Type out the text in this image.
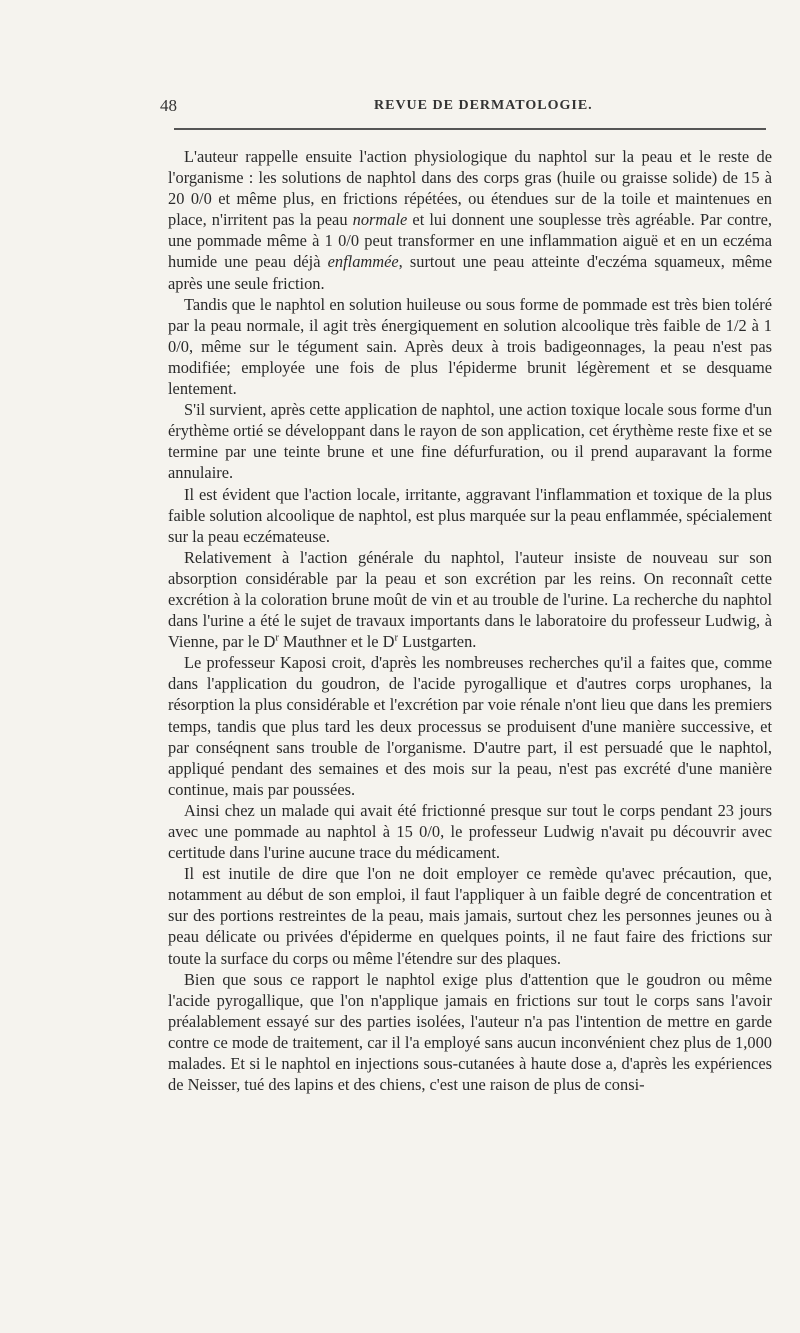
48	REVUE DE DERMATOLOGIE.

L'auteur rappelle ensuite l'action physiologique du naphtol sur la peau et le reste de l'organisme : les solutions de naphtol dans des corps gras (huile ou graisse solide) de 15 à 20 0/0 et même plus, en frictions répétées, ou étendues sur de la toile et maintenues en place, n'irritent pas la peau normale et lui donnent une souplesse très agréable. Par contre, une pommade même à 1 0/0 peut transformer en une inflammation aiguë et en un eczéma humide une peau déjà enflammée, surtout une peau atteinte d'eczéma squameux, même après une seule friction.

Tandis que le naphtol en solution huileuse ou sous forme de pommade est très bien toléré par la peau normale, il agit très énergiquement en solution alcoolique très faible de 1/2 à 1 0/0, même sur le tégument sain. Après deux à trois badigeonnages, la peau n'est pas modifiée; employée une fois de plus l'épiderme brunit légèrement et se desquame lentement.

S'il survient, après cette application de naphtol, une action toxique locale sous forme d'un érythème ortié se développant dans le rayon de son application, cet érythème reste fixe et se termine par une teinte brune et une fine défurfuration, ou il prend auparavant la forme annulaire.

Il est évident que l'action locale, irritante, aggravant l'inflammation et toxique de la plus faible solution alcoolique de naphtol, est plus marquée sur la peau enflammée, spécialement sur la peau eczémateuse.

Relativement à l'action générale du naphtol, l'auteur insiste de nouveau sur son absorption considérable par la peau et son excrétion par les reins. On reconnaît cette excrétion à la coloration brune moût de vin et au trouble de l'urine. La recherche du naphtol dans l'urine a été le sujet de travaux importants dans le laboratoire du professeur Ludwig, à Vienne, par le $D^r$ Mauthner et le $D^r$ Lustgarten.

Le professeur Kaposi croit, d'après les nombreuses recherches qu'il a faites que, comme dans l'application du goudron, de l'acide pyrogallique et d'autres corps urophanes, la résorption la plus considérable et l'excrétion par voie rénale n'ont lieu que dans les premiers temps, tandis que plus tard les deux processus se produisent d'une manière successive, et par conséqnent sans trouble de l'organisme. D'autre part, il est persuadé que le naphtol, appliqué pendant des semaines et des mois sur la peau, n'est pas excrété d'une manière continue, mais par poussées.

Ainsi chez un malade qui avait été frictionné presque sur tout le corps pendant 23 jours avec une pommade au naphtol à 15 0/0, le professeur Ludwig n'avait pu découvrir avec certitude dans l'urine aucune trace du médicament.

Il est inutile de dire que l'on ne doit employer ce remède qu'avec précaution, que, notamment au début de son emploi, il faut l'appliquer à un faible degré de concentration et sur des portions restreintes de la peau, mais jamais, surtout chez les personnes jeunes ou à peau délicate ou privées d'épiderme en quelques points, il ne faut faire des frictions sur toute la surface du corps ou même l'étendre sur des plaques.

Bien que sous ce rapport le naphtol exige plus d'attention que le goudron ou même l'acide pyrogallique, que l'on n'applique jamais en frictions sur tout le corps sans l'avoir préalablement essayé sur des parties isolées, l'auteur n'a pas l'intention de mettre en garde contre ce mode de traitement, car il l'a employé sans aucun inconvénient chez plus de 1,000 malades. Et si le naphtol en injections sous-cutanées à haute dose a, d'après les expériences de Neisser, tué des lapins et des chiens, c'est une raison de plus de consi-
